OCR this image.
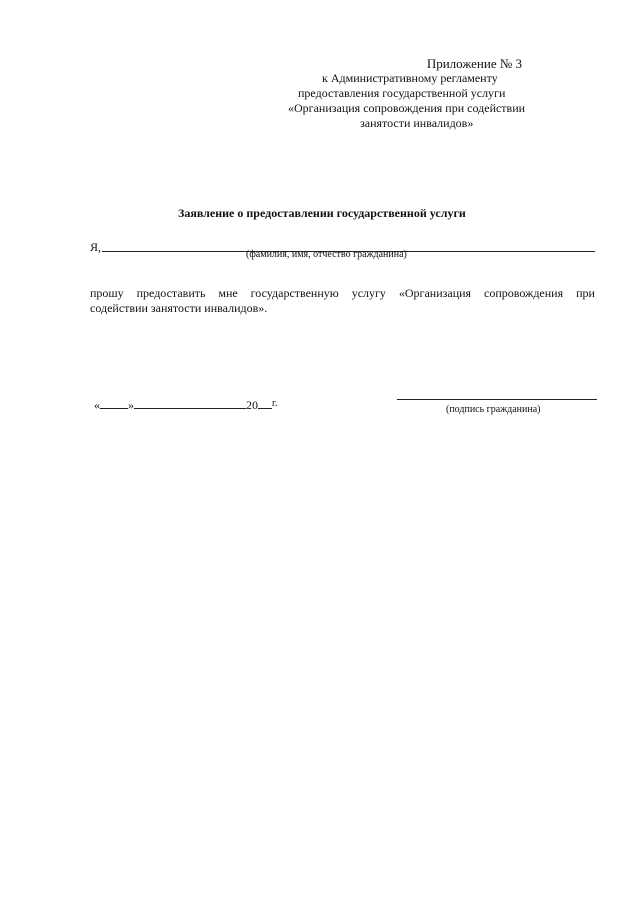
Приложение № 3
к Административному регламенту
предоставления государственной услуги
«Организация сопровождения при содействии
занятости инвалидов»
Заявление о предоставлении государственной услуги
Я,
(фамилия, имя, отчество гражданина)
прошу предоставить мне государственную услугу «Организация сопровождения при
содействии занятости инвалидов».
« »	20 г.
(подпись гражданина)
